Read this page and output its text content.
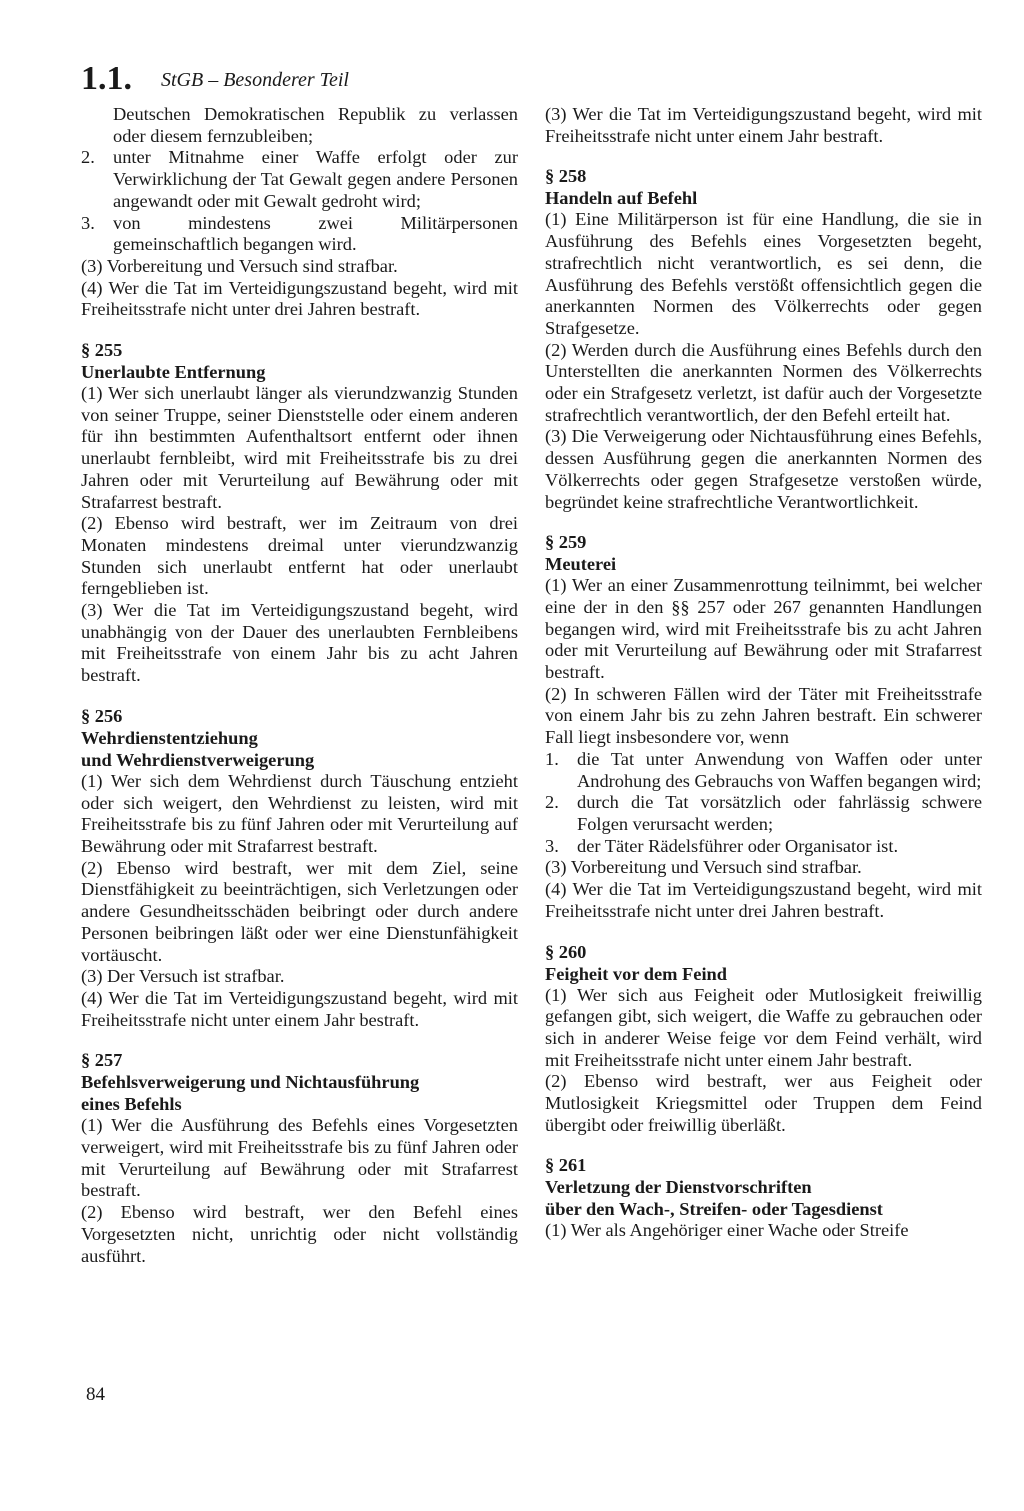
1.1. StGB – Besonderer Teil

Deutschen Demokratischen Republik zu verlassen oder diesem fernzubleiben;

2. unter Mitnahme einer Waffe erfolgt oder zur Verwirklichung der Tat Gewalt gegen andere Personen angewandt oder mit Gewalt gedroht wird;
3. von mindestens zwei Militärpersonen gemeinschaftlich begangen wird.

(3) Vorbereitung und Versuch sind strafbar.

(4) Wer die Tat im Verteidigungszustand begeht, wird mit Freiheitsstrafe nicht unter drei Jahren bestraft.

§ 255

Unerlaubte Entfernung

(1) Wer sich unerlaubt länger als vierundzwanzig Stunden von seiner Truppe, seiner Dienststelle oder einem anderen für ihn bestimmten Aufenthaltsort entfernt oder ihnen unerlaubt fernbleibt, wird mit Freiheitsstrafe bis zu drei Jahren oder mit Verurteilung auf Bewährung oder mit Strafarrest bestraft.

(2) Ebenso wird bestraft, wer im Zeitraum von drei Monaten mindestens dreimal unter vierundzwanzig Stunden sich unerlaubt entfernt hat oder unerlaubt ferngeblieben ist.

(3) Wer die Tat im Verteidigungszustand begeht, wird unabhängig von der Dauer des unerlaubten Fernbleibens mit Freiheitsstrafe von einem Jahr bis zu acht Jahren bestraft.

§ 256

Wehrdienstentziehung

und Wehrdienstverweigerung

(1) Wer sich dem Wehrdienst durch Täuschung entzieht oder sich weigert, den Wehrdienst zu leisten, wird mit Freiheitsstrafe bis zu fünf Jahren oder mit Verurteilung auf Bewährung oder mit Strafarrest bestraft.

(2) Ebenso wird bestraft, wer mit dem Ziel, seine Dienstfähigkeit zu beeinträchtigen, sich Verletzungen oder andere Gesundheitsschäden beibringt oder durch andere Personen beibringen läßt oder wer eine Dienstunfähigkeit vortäuscht.

(3) Der Versuch ist strafbar.

(4) Wer die Tat im Verteidigungszustand begeht, wird mit Freiheitsstrafe nicht unter einem Jahr bestraft.

§ 257

Befehlsverweigerung und Nichtausführung

eines Befehls

(1) Wer die Ausführung des Befehls eines Vorgesetzten verweigert, wird mit Freiheitsstrafe bis zu fünf Jahren oder mit Verurteilung auf Bewährung oder mit Strafarrest bestraft.

(2) Ebenso wird bestraft, wer den Befehl eines Vorgesetzten nicht, unrichtig oder nicht vollständig ausführt.

(3) Wer die Tat im Verteidigungszustand begeht, wird mit Freiheitsstrafe nicht unter einem Jahr bestraft.

§ 258

Handeln auf Befehl

(1) Eine Militärperson ist für eine Handlung, die sie in Ausführung des Befehls eines Vorgesetzten begeht, strafrechtlich nicht verantwortlich, es sei denn, die Ausführung des Befehls verstößt offensichtlich gegen die anerkannten Normen des Völkerrechts oder gegen Strafgesetze.

(2) Werden durch die Ausführung eines Befehls durch den Unterstellten die anerkannten Normen des Völkerrechts oder ein Strafgesetz verletzt, ist dafür auch der Vorgesetzte strafrechtlich verantwortlich, der den Befehl erteilt hat.

(3) Die Verweigerung oder Nichtausführung eines Befehls, dessen Ausführung gegen die anerkannten Normen des Völkerrechts oder gegen Strafgesetze verstoßen würde, begründet keine strafrechtliche Verantwortlichkeit.

§ 259

Meuterei

(1) Wer an einer Zusammenrottung teilnimmt, bei welcher eine der in den §§ 257 oder 267 genannten Handlungen begangen wird, wird mit Freiheitsstrafe bis zu acht Jahren oder mit Verurteilung auf Bewährung oder mit Strafarrest bestraft.

(2) In schweren Fällen wird der Täter mit Freiheitsstrafe von einem Jahr bis zu zehn Jahren bestraft. Ein schwerer Fall liegt insbesondere vor, wenn

1. die Tat unter Anwendung von Waffen oder unter Androhung des Gebrauchs von Waffen begangen wird;
2. durch die Tat vorsätzlich oder fahrlässig schwere Folgen verursacht werden;
3. der Täter Rädelsführer oder Organisator ist.

(3) Vorbereitung und Versuch sind strafbar.

(4) Wer die Tat im Verteidigungszustand begeht, wird mit Freiheitsstrafe nicht unter drei Jahren bestraft.

§ 260

Feigheit vor dem Feind

(1) Wer sich aus Feigheit oder Mutlosigkeit freiwillig gefangen gibt, sich weigert, die Waffe zu gebrauchen oder sich in anderer Weise feige vor dem Feind verhält, wird mit Freiheitsstrafe nicht unter einem Jahr bestraft.

(2) Ebenso wird bestraft, wer aus Feigheit oder Mutlosigkeit Kriegsmittel oder Truppen dem Feind übergibt oder freiwillig überläßt.

§ 261

Verletzung der Dienstvorschriften

über den Wach-, Streifen- oder Tagesdienst

(1) Wer als Angehöriger einer Wache oder Streife

84
